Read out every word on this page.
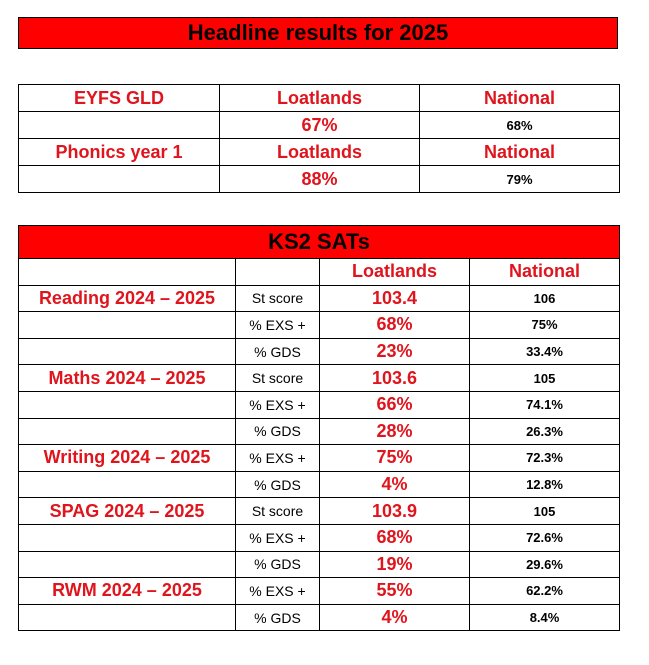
Headline results for 2025
EYFS GLD	Loatlands	National
	67%	68%
Phonics year 1	Loatlands	National
	88%	79%
KS2 SATs			
		Loatlands	National
Reading 2024 – 2025	St score	103.4	106
	% EXS +	68%	75%
	% GDS	23%	33.4%
Maths 2024 – 2025	St score	103.6	105
	% EXS +	66%	74.1%
	% GDS	28%	26.3%
Writing 2024 – 2025	% EXS +	75%	72.3%
	% GDS	4%	12.8%
SPAG 2024 – 2025	St score	103.9	105
	% EXS +	68%	72.6%
	% GDS	19%	29.6%
RWM 2024 – 2025	% EXS +	55%	62.2%
	% GDS	4%	8.4%
